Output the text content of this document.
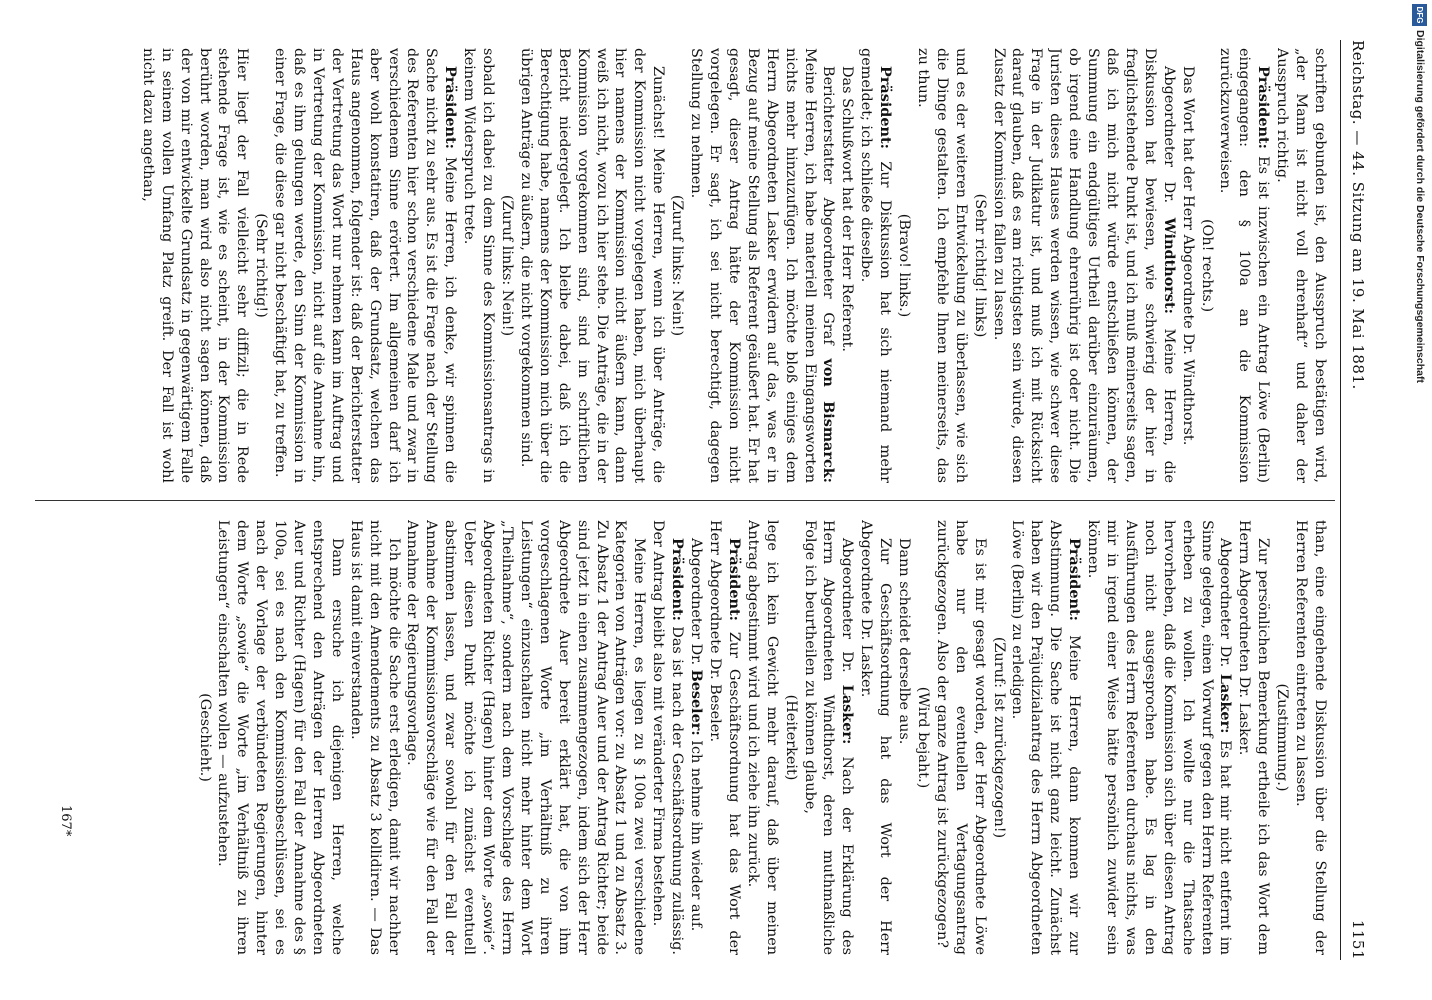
Reichstag. — 44. Sitzung am 19. Mai 1881.
1151

schriften gebunden ist, den Ausspruch bestätigen wird, „der Mann ist nicht voll ehrenhaft“ und daher der Ausspruch richtig.

Präsident: Es ist inzwischen ein Antrag Löwe (Berlin) eingegangen: den § 100a an die Kommission zurückzuverweisen.

(Oh! rechts.)

Das Wort hat der Herr Abgeordnete Dr. Windthorst.

Abgeordneter Dr. Windthorst: Meine Herren, die Diskussion hat bewiesen, wie schwierig der hier in fraglichstehende Punkt ist, und ich muß meinerseits sagen, daß ich mich nicht würde entschließen können, der Summung ein endgültiges Urtheil darüber einzuräumen, ob irgend eine Handlung ehrenrührig ist oder nicht. Die Juristen dieses Hauses werden wissen, wie schwer diese Frage in der Judikatur ist, und muß ich mit Rücksicht darauf glauben, daß es am richtigsten sein würde, diesen Zusatz der Kommission fallen zu lassen.

(Sehr richtig! links)

und es der weiteren Entwickelung zu überlassen, wie sich die Dinge gestalten. Ich empfehle Ihnen meinerseits, das zu thun.

(Bravo! links.)

Präsident: Zur Diskussion hat sich niemand mehr gemeldet; ich schließe dieselbe.

Das Schlußwort hat der Herr Referent.

Berichterstatter Abgeordneter Graf von Bismarck: Meine Herren, ich habe materiell meinen Eingangsworten nichts mehr hinzuzufügen. Ich möchte bloß einiges dem Herrn Abgeordneten Lasker erwidern auf das, was er in Bezug auf meine Stellung als Referent geäußert hat. Er hat gesagt, dieser Antrag hätte der Kommission nicht vorgelegen. Er sagt, ich sei nicht berechtigt, dagegen Stellung zu nehmen.

(Zuruf links: Nein!)

Zunächst! Meine Herren, wenn ich über Anträge, die der Kommission nicht vorgelegen haben, mich überhaupt hier namens der Kommission nicht äußern kann, dann weiß ich nicht, wozu ich hier stehe. Die Anträge, die in der Kommission vorgekommen sind, sind im schriftlichen Bericht niedergelegt. Ich bleibe dabei, daß ich die Berechtigung habe, namens der Kommission mich über die übrigen Anträge zu äußern, die nicht vorgekommen sind.

(Zuruf links: Nein!)

sobald ich dabei zu dem Sinne des Kommissionsantrags in keinem Widerspruch trete.

Präsident: Meine Herren, ich denke, wir spinnen die Sache nicht zu sehr aus. Es ist die Frage nach der Stellung des Referenten hier schon verschiedene Male und zwar in verschiedenem Sinne erörtert. Im allgemeinen darf ich aber wohl konstatiren, daß der Grundsatz, welchen das Haus angenommen, folgender ist: daß der Berichterstatter der Vertretung das Wort nur nehmen kann im Auftrag und in Vertretung der Kommission, nicht auf die Annahme hin, daß es ihm gelungen werde, den Sinn der Kommission in einer Frage, die diese gar nicht beschäftigt hat, zu treffen.

(Sehr richtig!)

Hier liegt der Fall vielleicht sehr diffizil; die in Rede stehende Frage ist, wie es scheint, in der Kommission berührt worden, man wird also nicht sagen können, daß der von mir entwickelte Grundsatz in gegenwärtigem Falle in seinem vollen Umfang Platz greift. Der Fall ist wohl nicht dazu angethan,

than, eine eingehende Diskussion über die Stellung der Herren Referenten eintreten zu lassen.

(Zustimmung.)

Zur persönlichen Bemerkung ertheile ich das Wort dem Herrn Abgeordneten Dr. Lasker.

Abgeordneter Dr. Lasker: Es hat mir nicht entfernt im Sinne gelegen, einen Vorwurf gegen den Herrn Referenten erheben zu wollen. Ich wollte nur die Thatsache hervorheben, daß die Kommission sich über diesen Antrag noch nicht ausgesprochen habe. Es lag in den Ausführungen des Herrn Referenten durchaus nichts, was mir in irgend einer Weise hätte persönlich zuwider sein können.

Präsident: Meine Herren, dann kommen wir zur Abstimmung. Die Sache ist nicht ganz leicht. Zunächst haben wir den Präjudizialantrag des Herrn Abgeordneten Löwe (Berlin) zu erledigen.

(Zuruf: Ist zurückgezogen!)

Es ist mir gesagt worden, der Herr Abgeordnete Löwe habe nur den eventuellen Vertagungsantrag zurückgezogen. Also der ganze Antrag ist zurückgezogen?

(Wird bejaht.)

Dann scheidet derselbe aus.

Zur Geschäftsordnung hat das Wort der Herr Abgeordnete Dr. Lasker.

Abgeordneter Dr. Lasker: Nach der Erklärung des Herrn Abgeordneten Windthorst, deren muthmaßliche Folge ich beurtheilen zu können glaube,

(Heiterkeit)

lege ich kein Gewicht mehr darauf, daß über meinen Antrag abgestimmt wird und ich ziehe ihn zurück.

Präsident: Zur Geschäftsordnung hat das Wort der Herr Abgeordnete Dr. Beseler.

Abgeordneter Dr. Beseler: Ich nehme ihn wieder auf.

Präsident: Das ist nach der Geschäftsordnung zulässig. Der Antrag bleibt also mit veränderter Firma bestehen.

Meine Herren, es liegen zu § 100a zwei verschiedene Kategorien von Anträgen vor: zu Absatz 1 und zu Absatz 3. Zu Absatz 1 der Antrag Auer und der Antrag Richter; beide sind jetzt in einen zusammengezogen, indem sich der Herr Abgeordnete Auer bereit erklärt hat, die von ihm vorgeschlagenen Worte „im Verhältniß zu ihren Leistungen“ einzuschalten nicht mehr hinter dem Wort „Theilnahme“, sondern nach dem Vorschlage des Herrn Abgeordneten Richter (Hagen) hinter dem Worte „sowie“. Ueber diesen Punkt möchte ich zunächst eventuell abstimmen lassen, und zwar sowohl für den Fall der Annahme der Kommissionsvorschläge wie für den Fall der Annahme der Regierungsvorlage.

Ich möchte die Sache erst erledigen, damit wir nachher nicht mit den Amendements zu Absatz 3 kollidiren. — Das Haus ist damit einverstanden.

Dann ersuche ich diejenigen Herren, welche entsprechend den Anträgen der Herren Abgeordneten Auer und Richter (Hagen) für den Fall der Annahme des § 100a, sei es nach den Kommissionsbeschlüssen, sei es nach der Vorlage der verbündeten Regierungen, hinter dem Worte „sowie“ die Worte „im Verhältniß zu ihren Leistungen“ einschalten wollen — aufzustehen.

(Geschieht.)

167*
DFG
Digitalisierung gefördert durch die Deutsche Forschungsgemeinschaft
